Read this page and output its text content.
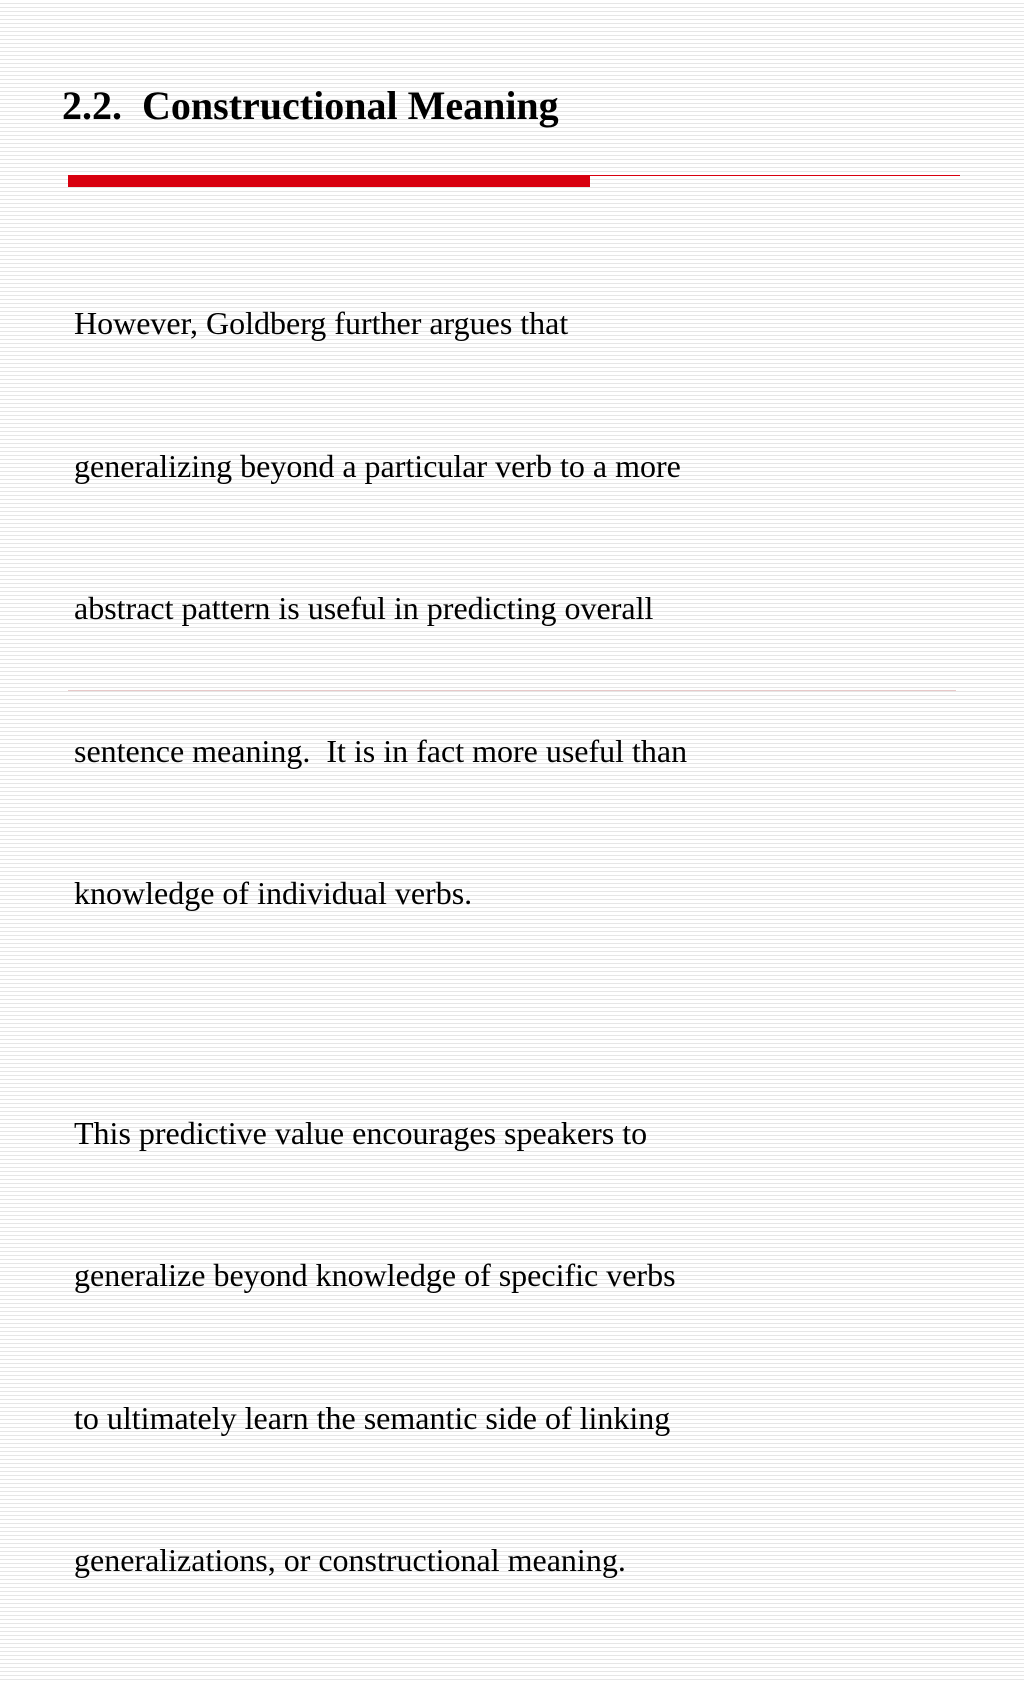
2.2.  Constructional Meaning

However, Goldberg further argues that

generalizing beyond a particular verb to a more

abstract pattern is useful in predicting overall

sentence meaning.  It is in fact more useful than

knowledge of individual verbs.

This predictive value encourages speakers to

generalize beyond knowledge of specific verbs

to ultimately learn the semantic side of linking

generalizations, or constructional meaning.
